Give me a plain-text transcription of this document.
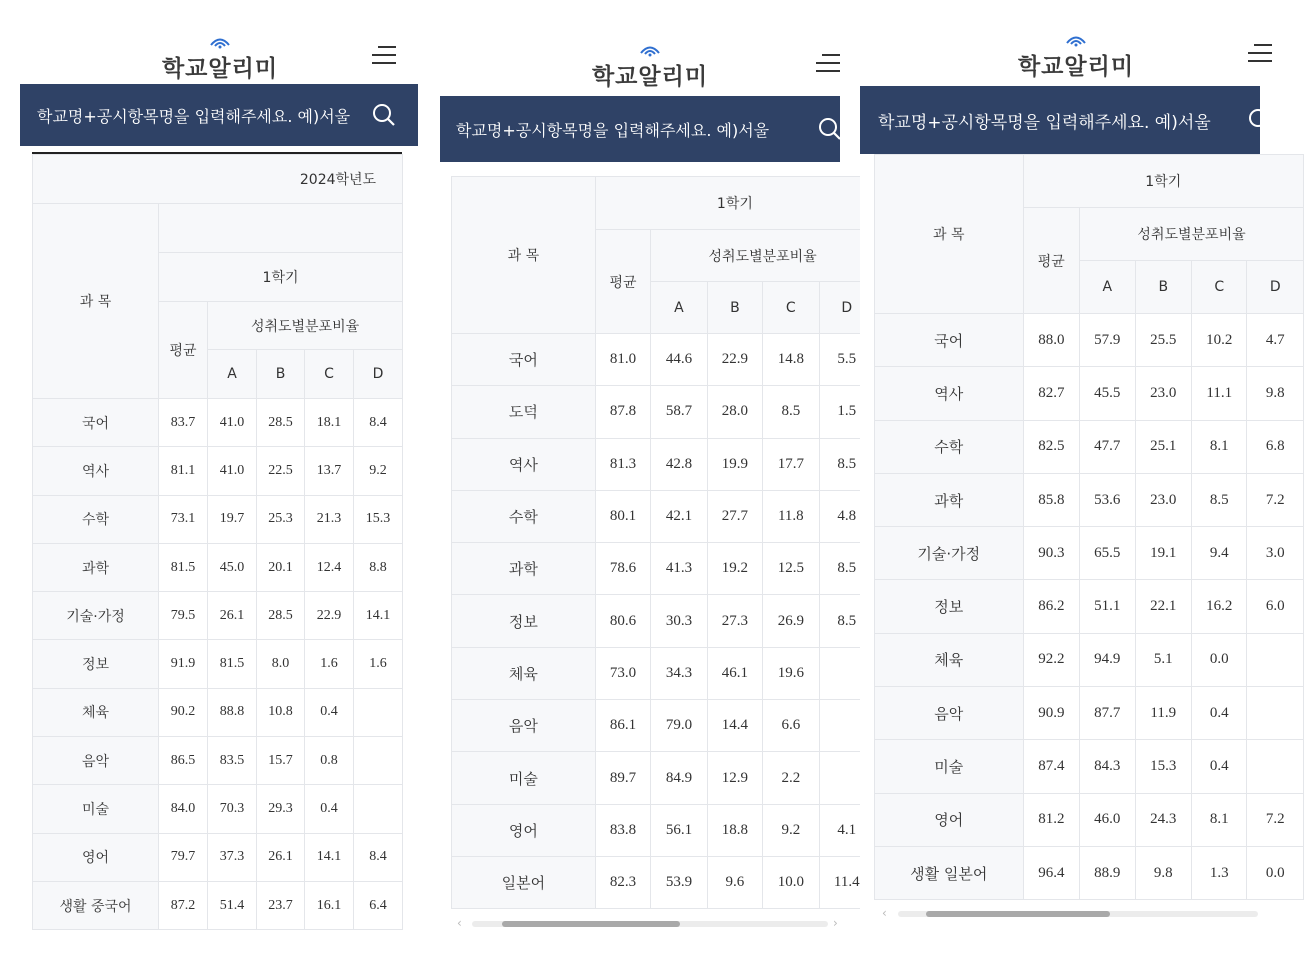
학교알리미
학교명+공시항목명을 입력해주세요. 예)서울
2024학년도					
과 목					
	1학기				
	평균	성취도별분포비율			
		A	B	C	D
국어	83.7	41.0	28.5	18.1	8.4
역사	81.1	41.0	22.5	13.7	9.2
수학	73.1	19.7	25.3	21.3	15.3
과학	81.5	45.0	20.1	12.4	8.8
기술·가정	79.5	26.1	28.5	22.9	14.1
정보	91.9	81.5	8.0	1.6	1.6
체육	90.2	88.8	10.8	0.4	
음악	86.5	83.5	15.7	0.8	
미술	84.0	70.3	29.3	0.4	
영어	79.7	37.3	26.1	14.1	8.4
생활 중국어	87.2	51.4	23.7	16.1	6.4
학교알리미
학교명+공시항목명을 입력해주세요. 예)서울
과 목	1학기				
	평균	성취도별분포비율			
		A	B	C	D

국어	81.0	44.6	22.9	14.8	5.5
도덕	87.8	58.7	28.0	8.5	1.5
역사	81.3	42.8	19.9	17.7	8.5
수학	80.1	42.1	27.7	11.8	4.8
과학	78.6	41.3	19.2	12.5	8.5
정보	80.6	30.3	27.3	26.9	8.5
체육	73.0	34.3	46.1	19.6	
음악	86.1	79.0	14.4	6.6	
미술	89.7	84.9	12.9	2.2	
영어	83.8	56.1	18.8	9.2	4.1
일본어	82.3	53.9	9.6	10.0	11.4
‹	›
학교알리미
학교명+공시항목명을 입력해주세요. 예)서울
과 목	1학기				
	평균	성취도별분포비율			
		A	B	C	D
국어	88.0	57.9	25.5	10.2	4.7
역사	82.7	45.5	23.0	11.1	9.8
수학	82.5	47.7	25.1	8.1	6.8
과학	85.8	53.6	23.0	8.5	7.2
기술·가정	90.3	65.5	19.1	9.4	3.0
정보	86.2	51.1	22.1	16.2	6.0
체육	92.2	94.9	5.1	0.0	
음악	90.9	87.7	11.9	0.4	
미술	87.4	84.3	15.3	0.4	
영어	81.2	46.0	24.3	8.1	7.2
생활 일본어	96.4	88.9	9.8	1.3	0.0
‹
